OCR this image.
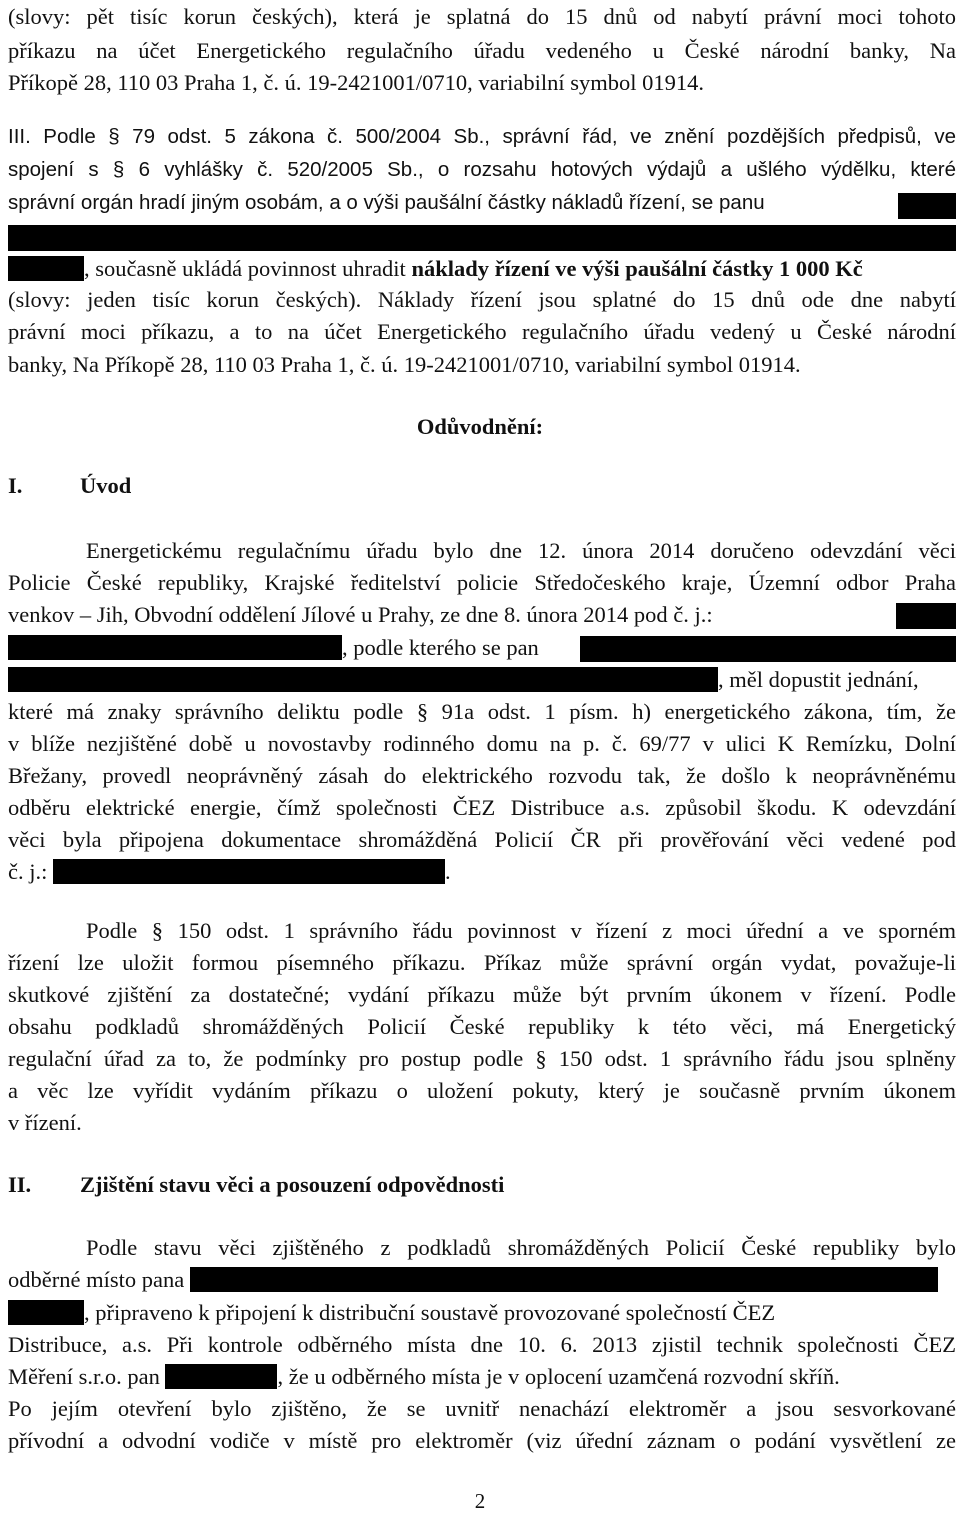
(slovy: pět tisíc korun českých), která je splatná do 15 dnů od nabytí právní moci tohoto
příkazu na účet Energetického regulačního úřadu vedeného u České národní banky, Na
Příkopě 28, 110 03 Praha 1, č. ú. 19-2421001/0710, variabilní symbol 01914.
III. Podle § 79 odst. 5 zákona č. 500/2004 Sb., správní řád, ve znění pozdějších předpisů, ve
spojení s § 6 vyhlášky č. 520/2005 Sb., o rozsahu hotových výdajů a ušlého výdělku, které
správní orgán hradí jiným osobám, a o výši paušální částky nákladů řízení, se panu
, současně ukládá povinnost uhradit náklady řízení ve výši paušální částky 1 000 Kč
(slovy: jeden tisíc korun českých). Náklady řízení jsou splatné do 15 dnů ode dne nabytí
právní moci příkazu, a to na účet Energetického regulačního úřadu vedený u České národní
banky, Na Příkopě 28, 110 03 Praha 1, č. ú. 19-2421001/0710, variabilní symbol 01914.
Odůvodnění:
I.	Úvod
Energetickému regulačnímu úřadu bylo dne 12. února 2014 doručeno odevzdání věci
Policie České republiky, Krajské ředitelství policie Středočeského kraje, Územní odbor Praha
venkov – Jih, Obvodní oddělení Jílové u Prahy, ze dne 8. února 2014 pod č. j.:
, podle kterého se pan
, měl dopustit jednání,
které má znaky správního deliktu podle § 91a odst. 1 písm. h) energetického zákona, tím, že
v blíže nezjištěné době u novostavby rodinného domu na p. č. 69/77 v ulici K Remízku, Dolní
Břežany, provedl neoprávněný zásah do elektrického rozvodu tak, že došlo k neoprávněnému
odběru elektrické energie, čímž společnosti ČEZ Distribuce a.s. způsobil škodu. K odevzdání
věci byla připojena dokumentace shromážděná Policií ČR při prověřování věci vedené pod
č. j.:	.
Podle § 150 odst. 1 správního řádu povinnost v řízení z moci úřední a ve sporném
řízení lze uložit formou písemného příkazu. Příkaz může správní orgán vydat, považuje-li
skutkové zjištění za dostatečné; vydání příkazu může být prvním úkonem v řízení. Podle
obsahu podkladů shromážděných Policií České republiky k této věci, má Energetický
regulační úřad za to, že podmínky pro postup podle § 150 odst. 1 správního řádu jsou splněny
a věc lze vyřídit vydáním příkazu o uložení pokuty, který je současně prvním úkonem
v řízení.
II. Zjištění stavu věci a posouzení odpovědnosti
Podle stavu věci zjištěného z podkladů shromážděných Policií České republiky bylo
odběrné místo pana
, připraveno k připojení k distribuční soustavě provozované společností ČEZ
Distribuce, a.s. Při kontrole odběrného místa dne 10. 6. 2013 zjistil technik společnosti ČEZ
Měření s.r.o. pan	, že u odběrného místa je v oplocení uzamčená rozvodní skříň.
Po jejím otevření bylo zjištěno, že se uvnitř nenachází elektroměr a jsou sesvorkované
přívodní a odvodní vodiče v místě pro elektroměr (viz úřední záznam o podání vysvětlení ze
2
